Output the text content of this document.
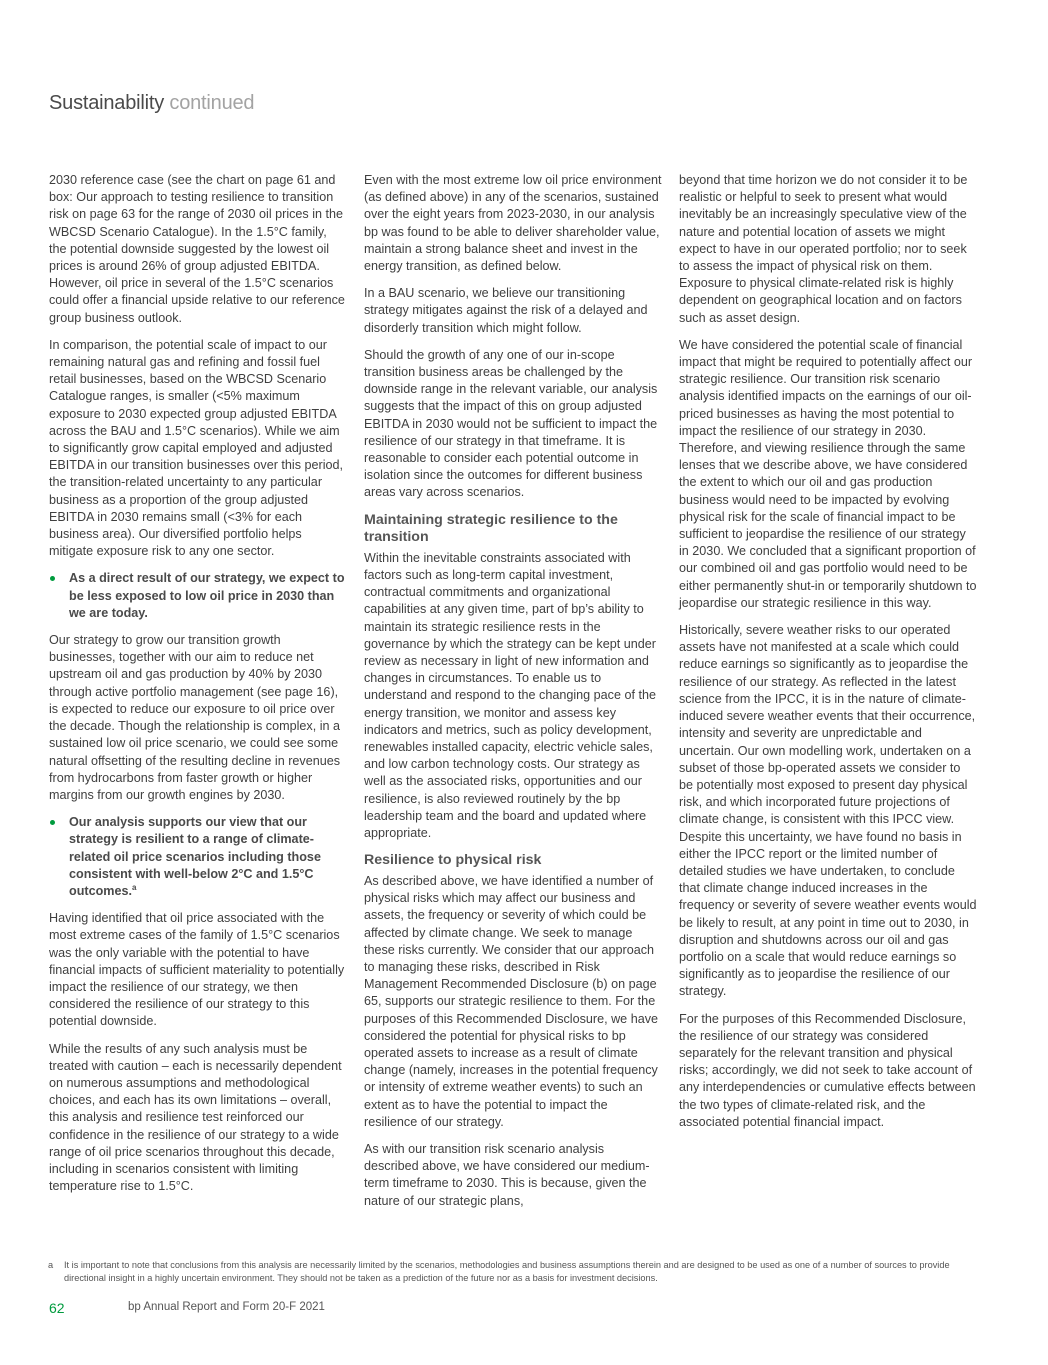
Sustainability continued

2030 reference case (see the chart on page 61 and box: Our approach to testing resilience to transition risk on page 63 for the range of 2030 oil prices in the WBCSD Scenario Catalogue). In the 1.5°C family, the potential downside suggested by the lowest oil prices is around 26% of group adjusted EBITDA. However, oil price in several of the 1.5°C scenarios could offer a financial upside relative to our reference group business outlook.

In comparison, the potential scale of impact to our remaining natural gas and refining and fossil fuel retail businesses, based on the WBCSD Scenario Catalogue ranges, is smaller (<5% maximum exposure to 2030 expected group adjusted EBITDA across the BAU and 1.5°C scenarios). While we aim to significantly grow capital employed and adjusted EBITDA in our transition businesses over this period, the transition-related uncertainty to any particular business as a proportion of the group adjusted EBITDA in 2030 remains small (<3% for each business area). Our diversified portfolio helps mitigate exposure risk to any one sector.

As a direct result of our strategy, we expect to be less exposed to low oil price in 2030 than we are today.

Our strategy to grow our transition growth businesses, together with our aim to reduce net upstream oil and gas production by 40% by 2030 through active portfolio management (see page 16), is expected to reduce our exposure to oil price over the decade. Though the relationship is complex, in a sustained low oil price scenario, we could see some natural offsetting of the resulting decline in revenues from hydrocarbons from faster growth or higher margins from our growth engines by 2030.

Our analysis supports our view that our strategy is resilient to a range of climate-related oil price scenarios including those consistent with well-below 2°C and 1.5°C outcomes.$^a$

Having identified that oil price associated with the most extreme cases of the family of 1.5°C scenarios was the only variable with the potential to have financial impacts of sufficient materiality to potentially impact the resilience of our strategy, we then considered the resilience of our strategy to this potential downside.

While the results of any such analysis must be treated with caution – each is necessarily dependent on numerous assumptions and methodological choices, and each has its own limitations – overall, this analysis and resilience test reinforced our confidence in the resilience of our strategy to a wide range of oil price scenarios throughout this decade, including in scenarios consistent with limiting temperature rise to 1.5°C.

Even with the most extreme low oil price environment (as defined above) in any of the scenarios, sustained over the eight years from 2023-2030, in our analysis bp was found to be able to deliver shareholder value, maintain a strong balance sheet and invest in the energy transition, as defined below.

In a BAU scenario, we believe our transitioning strategy mitigates against the risk of a delayed and disorderly transition which might follow.

Should the growth of any one of our in-scope transition business areas be challenged by the downside range in the relevant variable, our analysis suggests that the impact of this on group adjusted EBITDA in 2030 would not be sufficient to impact the resilience of our strategy in that timeframe. It is reasonable to consider each potential outcome in isolation since the outcomes for different business areas vary across scenarios.

Maintaining strategic resilience to the transition

Within the inevitable constraints associated with factors such as long-term capital investment, contractual commitments and organizational capabilities at any given time, part of bp’s ability to maintain its strategic resilience rests in the governance by which the strategy can be kept under review as necessary in light of new information and changes in circumstances. To enable us to understand and respond to the changing pace of the energy transition, we monitor and assess key indicators and metrics, such as policy development, renewables installed capacity, electric vehicle sales, and low carbon technology costs. Our strategy as well as the associated risks, opportunities and our resilience, is also reviewed routinely by the bp leadership team and the board and updated where appropriate.

Resilience to physical risk

As described above, we have identified a number of physical risks which may affect our business and assets, the frequency or severity of which could be affected by climate change. We seek to manage these risks currently. We consider that our approach to managing these risks, described in Risk Management Recommended Disclosure (b) on page 65, supports our strategic resilience to them. For the purposes of this Recommended Disclosure, we have considered the potential for physical risks to bp operated assets to increase as a result of climate change (namely, increases in the potential frequency or intensity of extreme weather events) to such an extent as to have the potential to impact the resilience of our strategy.

As with our transition risk scenario analysis described above, we have considered our medium-term timeframe to 2030. This is because, given the nature of our strategic plans,

beyond that time horizon we do not consider it to be realistic or helpful to seek to present what would inevitably be an increasingly speculative view of the nature and potential location of assets we might expect to have in our operated portfolio; nor to seek to assess the impact of physical risk on them. Exposure to physical climate-related risk is highly dependent on geographical location and on factors such as asset design.

We have considered the potential scale of financial impact that might be required to potentially affect our strategic resilience. Our transition risk scenario analysis identified impacts on the earnings of our oil-priced businesses as having the most potential to impact the resilience of our strategy in 2030. Therefore, and viewing resilience through the same lenses that we describe above, we have considered the extent to which our oil and gas production business would need to be impacted by evolving physical risk for the scale of financial impact to be sufficient to jeopardise the resilience of our strategy in 2030. We concluded that a significant proportion of our combined oil and gas portfolio would need to be either permanently shut-in or temporarily shutdown to jeopardise our strategic resilience in this way.

Historically, severe weather risks to our operated assets have not manifested at a scale which could reduce earnings so significantly as to jeopardise the resilience of our strategy. As reflected in the latest science from the IPCC, it is in the nature of climate-induced severe weather events that their occurrence, intensity and severity are unpredictable and uncertain. Our own modelling work, undertaken on a subset of those bp-operated assets we consider to be potentially most exposed to present day physical risk, and which incorporated future projections of climate change, is consistent with this IPCC view. Despite this uncertainty, we have found no basis in either the IPCC report or the limited number of detailed studies we have undertaken, to conclude that climate change induced increases in the frequency or severity of severe weather events would be likely to result, at any point in time out to 2030, in disruption and shutdowns across our oil and gas portfolio on a scale that would reduce earnings so significantly as to jeopardise the resilience of our strategy.

For the purposes of this Recommended Disclosure, the resilience of our strategy was considered separately for the relevant transition and physical risks; accordingly, we did not seek to take account of any interdependencies or cumulative effects between the two types of climate-related risk, and the associated potential financial impact.

a	It is important to note that conclusions from this analysis are necessarily limited by the scenarios, methodologies and business assumptions therein and are designed to be used as one of a number of sources to provide directional insight in a highly uncertain environment. They should not be taken as a prediction of the future nor as a basis for investment decisions.
62	bp Annual Report and Form 20-F 2021
